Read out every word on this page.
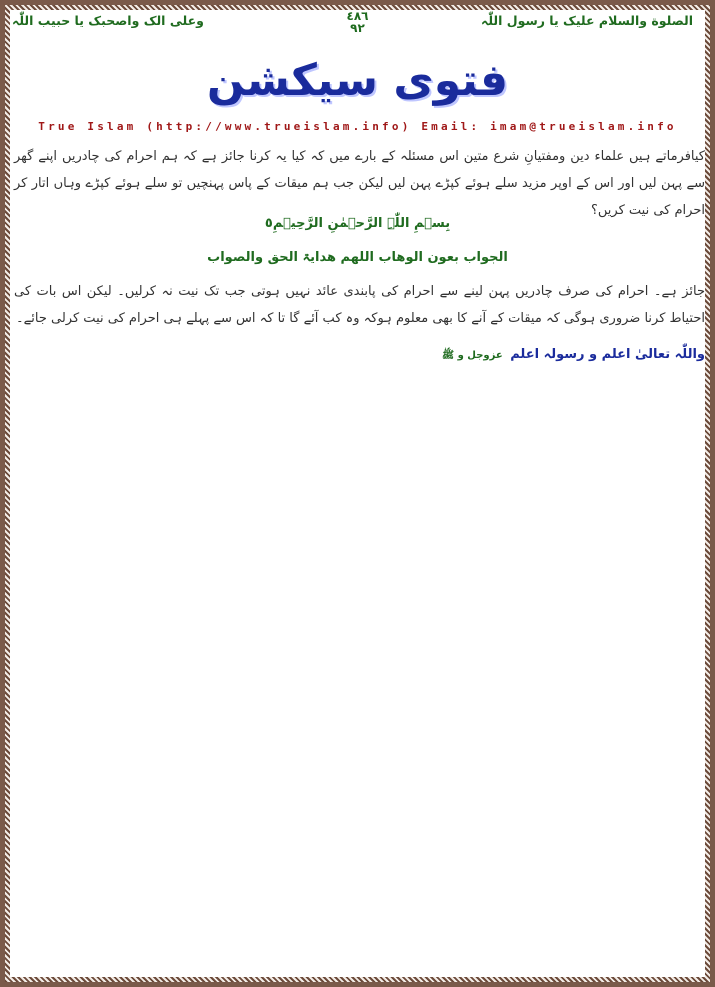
الصلوة والسلام علیک یا رسول اللّٰہ
وعلی الک واصحبک یا حبیب اللّٰہ	٤٨٦
٩٢
فتوی سیکشن
True Islam (http://www.trueislam.info) Email: imam@trueislam.info
کیافرماتے ہیں علماء دین ومفتیانِ شرع متین اس مسئلہ کے بارے میں کہ کیا یہ کرنا جائز ہے کہ ہم احرام کی چادریں اپنے گھر سے پہن لیں اور اس کے اوپر مزید سلے ہوئے کپڑے پہن لیں لیکن جب ہم میقات کے پاس پہنچیں تو سلے ہوئے کپڑے وہاں اتار کر احرام کی نیت کریں؟
بِسۡمِ اللّٰہِ الرَّحۡمٰنِ الرَّحِیۡمِ٥
الجواب بعون الوھاب اللھم ھدایۃ الحق والصواب
جائز ہے۔ احرام کی صرف چادریں پہن لینے سے احرام کی پابندی عائد نہیں ہوتی جب تک نیت نہ کرلیں۔ لیکن اس بات کی احتیاط کرنا ضروری ہوگی کہ میقات کے آنے کا بھی معلوم ہوکہ وہ کب آئے گا تا کہ اس سے پہلے ہی احرام کی نیت کرلی جائے۔
واللّٰہ تعالیٰ اعلم و رسولہ اعلم عزوجل و ﷺ
